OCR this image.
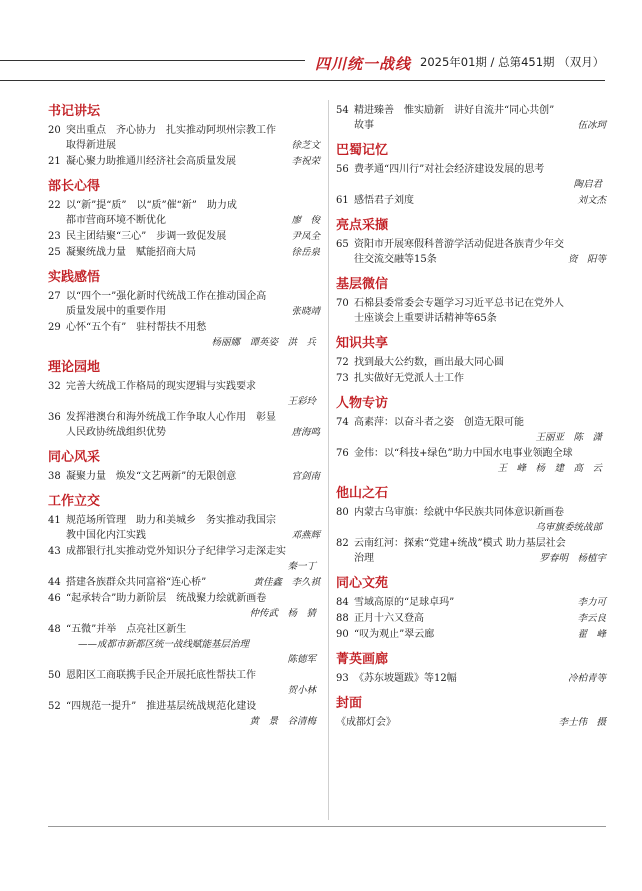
四川统一战线 2025年01期 / 总第451期 （双月）
书记讲坛
20 突出重点　齐心协力　扎实推动阿坝州宗教工作
取得新进展	徐芝文
21 凝心聚力助推通川经济社会高质量发展	李祝荣
部长心得
22 以“新”提“质”　以“质”催“新”　助力成
都市营商环境不断优化	廖　俊
23 民主团结聚“三心”　步调一致促发展	尹凤全
25 凝聚统战力量　赋能招商大局	徐岳泉
实践感悟
27 以“四个一”强化新时代统战工作在推动国企高
质量发展中的重要作用	张晓靖
29 心怀“五个有”　驻村帮扶不用愁
杨丽娜　谭英姿　洪　兵
理论园地
32 完善大统战工作格局的现实逻辑与实践要求
王彩玲
36 发挥港澳台和海外统战工作争取人心作用　彰显
人民政协统战组织优势	唐海鸣
同心风采
38 凝聚力量　焕发“文艺两新”的无限创意	官剑南
工作立交
41 规范场所管理　助力和美城乡　务实推动我国宗
教中国化内江实践	邓燕辉
43 成都银行扎实推动党外知识分子纪律学习走深走实
秦一丁
44 搭建各族群众共同富裕“连心桥”	黄佳鑫　李久祺
46 “起承转合”助力新阶层　统战聚力绘就新画卷
仲传武　杨　猜
48 “五微”并举　点亮社区新生
——成都市新都区统一战线赋能基层治理
陈德军
50 恩阳区工商联携手民企开展托底性帮扶工作
贺小林
52 “四规范一提升”　推进基层统战规范化建设
黄　景　谷清梅
54 精进臻善　惟实励新　讲好自流井“同心共创”
故事	伍冰珂
巴蜀记忆
56 费孝通“四川行”对社会经济建设发展的思考
陶启君
61 感悟君子刘度	刘文杰
亮点采撷
65 资阳市开展寒假科普游学活动促进各族青少年交
往交流交融等15条	资　阳等
基层微信
70 石棉县委常委会专题学习习近平总书记在党外人
士座谈会上重要讲话精神等65条
知识共享
72 找到最大公约数，画出最大同心圆
73 扎实做好无党派人士工作
人物专访
74 高素萍：以奋斗者之姿　创造无限可能
王丽亚　陈　潇
76 金伟：以“科技+绿色”助力中国水电事业领跑全球
王　峰　杨　建　高　云
他山之石
80 内蒙古乌审旗：绘就中华民族共同体意识新画卷
乌审旗委统战部
82 云南红河：探索“党建+统战”模式 助力基层社会
治理	罗春明　杨植宇
同心文苑
84 雪域高原的“足球卓玛”	李力可
88 正月十六又登高	李云良
90 “叹为观止”翠云廊	翟　峰
菁英画廊
93 《苏东坡题跋》等12幅	冷柏青等
封面
《成都灯会》	李士伟　摄
